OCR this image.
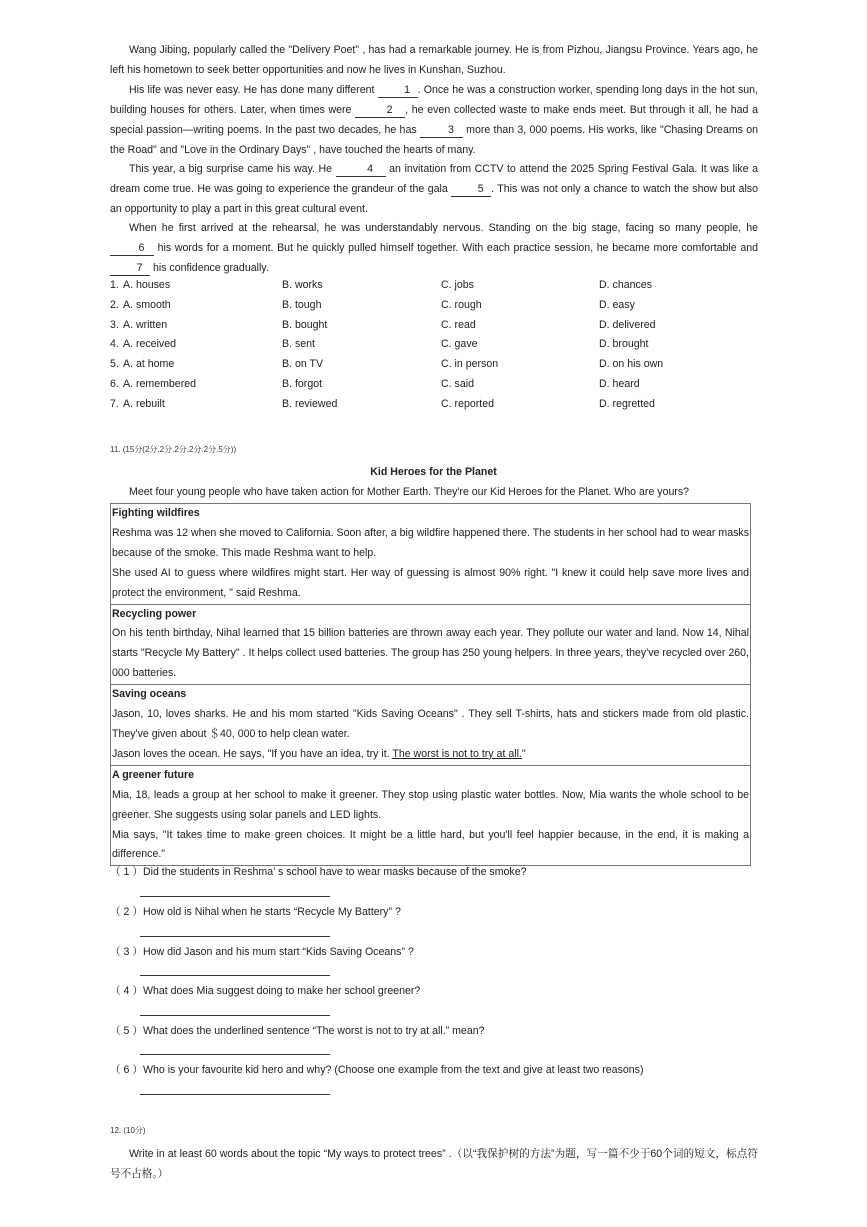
Wang Jibing, popularly called the "Delivery Poet" , has had a remarkable journey. He is from Pizhou, Jiangsu Province. Years ago, he left his hometown to seek better opportunities and now he lives in Kunshan, Suzhou.
His life was never easy. He has done many different	1 . Once he was a construction worker, spending long days in the hot sun, building houses for others. Later, when times were	2 , he even collected waste to make ends meet. But through it all, he had a special passion—writing poems. In the past two decades, he has	3 more than 3, 000 poems. His works, like "Chasing Dreams on the Road" and "Love in the Ordinary Days" , have touched the hearts of many.
This year, a big surprise came his way. He	4 an invitation from CCTV to attend the 2025 Spring Festival Gala. It was like a dream come true. He was going to experience the grandeur of the gala	5 . This was not only a chance to watch the show but also an opportunity to play a part in this great cultural event.
When he first arrived at the rehearsal, he was understandably nervous. Standing on the big stage, facing so many people, he 6 his words for a moment. But he quickly pulled himself together. With each practice session, he became more comfortable and 7 his confidence gradually.
1. A. houses	B. works	C. jobs	D. chances
2. A. smooth	B. tough	C. rough	D. easy
3. A. written	B. bought	C. read	D. delivered
4. A. received	B. sent	C. gave	D. brought
5. A. at home	B. on TV	C. in person	D. on his own
6. A. remembered	B. forgot	C. said	D. heard
7. A. rebuilt	B. reviewed	C. reported	D. regretted
11. (15分(2分.2分.2分.2分.2分.5分))
Kid Heroes for the Planet
Meet four young people who have taken action for Mother Earth. They're our Kid Heroes for the Planet. Who are yours?
Fighting wildfires
Reshma was 12 when she moved to California. Soon after, a big wildfire happened there. The students in her school had to wear masks because of the smoke. This made Reshma want to help.
She used AI to guess where wildfires might start. Her way of guessing is almost 90% right. "I knew it could help save more lives and protect the environment, " said Reshma.
Recycling power
On his tenth birthday, Nihal learned that 15 billion batteries are thrown away each year. They pollute our water and land. Now 14, Nihal starts "Recycle My Battery" . It helps collect used batteries. The group has 250 young helpers. In three years, they've recycled over 260, 000 batteries.
Saving oceans
Jason, 10, loves sharks. He and his mom started "Kids Saving Oceans" . They sell T-shirts, hats and stickers made from old plastic. They've given about ＄40, 000 to help clean water.
Jason loves the ocean. He says, "If you have an idea, try it. The worst is not to try at all."
A greener future
Mia, 18, leads a group at her school to make it greener. They stop using plastic water bottles. Now, Mia wants the whole school to be greener. She suggests using solar panels and LED lights.
Mia says, "It takes time to make green choices. It might be a little hard, but you'll feel happier because, in the end, it is making a difference."
（ 1 ）Did the students in Reshma’ s school have to wear masks because of the smoke?
（ 2 ）How old is Nihal when he starts “Recycle My Battery” ?
（ 3 ）How did Jason and his mum start “Kids Saving Oceans” ?
（ 4 ）What does Mia suggest doing to make her school greener?
（ 5 ）What does the underlined sentence “The worst is not to try at all.” mean?
（ 6 ）Who is your favourite kid hero and why? (Choose one example from the text and give at least two reasons)
12. (10分)
Write in at least 60 words about the topic “My ways to protect trees” .（以“我保护树的方法”为题，写一篇不少于60个词的短文，标点符号不占格。）
